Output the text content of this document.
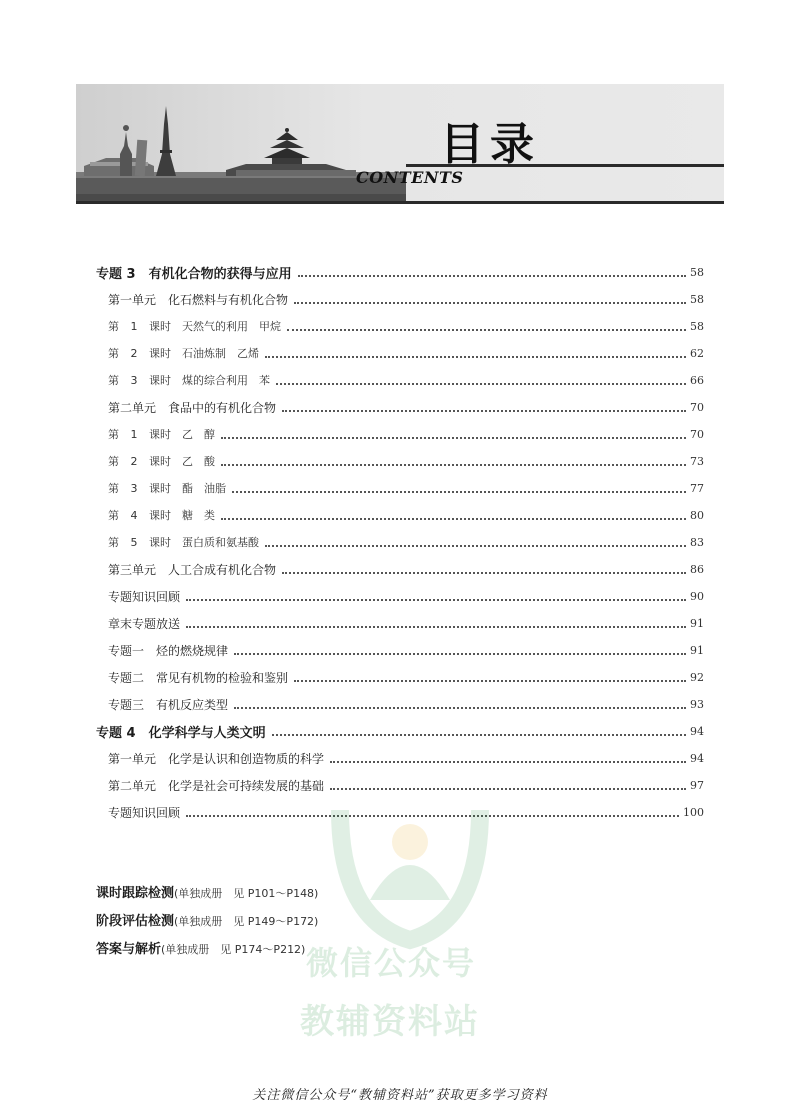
目录
CONTENTS
专题 3　有机化合物的获得与应用	58
第一单元　化石燃料与有机化合物	58
第 1 课时　天然气的利用　甲烷	58
第 2 课时　石油炼制　乙烯	62
第 3 课时　煤的综合利用　苯	66
第二单元　食品中的有机化合物	70
第 1 课时　乙　醇	70
第 2 课时　乙　酸	73
第 3 课时　酯　油脂	77
第 4 课时　糖　类	80
第 5 课时　蛋白质和氨基酸	83
第三单元　人工合成有机化合物	86
专题知识回顾	90
章末专题放送	91
专题一　烃的燃烧规律	91
专题二　常见有机物的检验和鉴别	92
专题三　有机反应类型	93
专题 4　化学科学与人类文明	94
第一单元　化学是认识和创造物质的科学	94
第二单元　化学是社会可持续发展的基础	97
专题知识回顾	100
微信公众号
教辅资料站
课时跟踪检测(单独成册　见 P101～P148)
阶段评估检测(单独成册　见 P149～P172)
答案与解析(单独成册　见 P174～P212)
关注微信公众号“教辅资料站”获取更多学习资料
